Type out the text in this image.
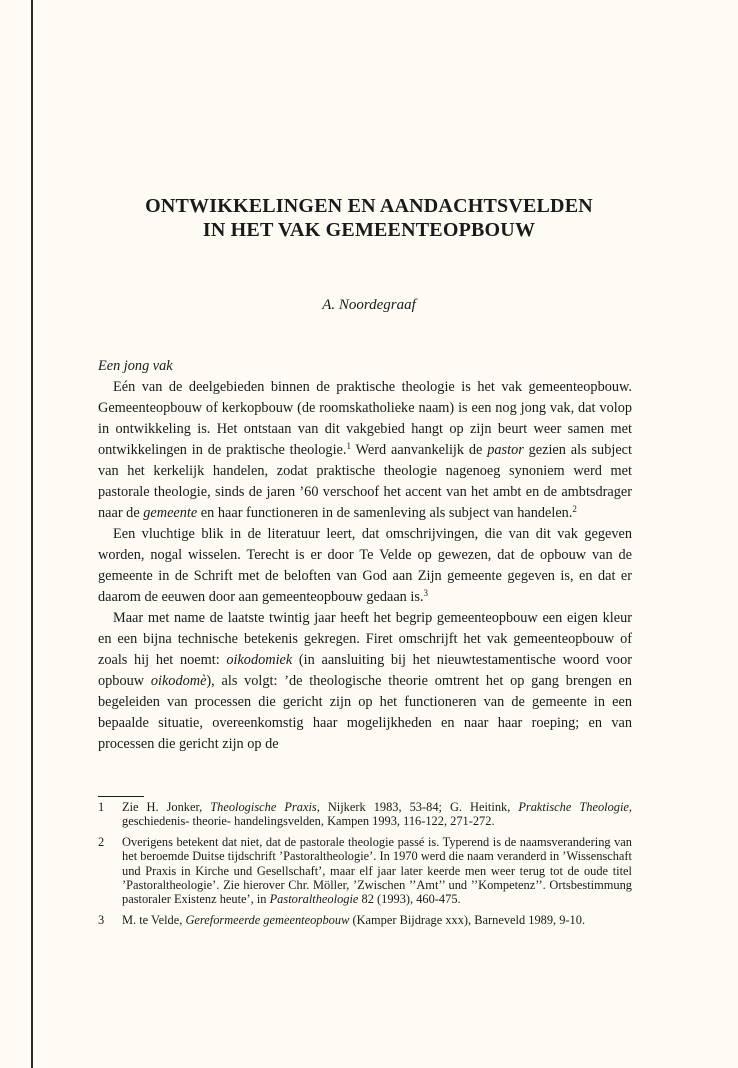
ONTWIKKELINGEN EN AANDACHTSVELDEN
IN HET VAK GEMEENTEOPBOUW
A. Noordegraaf
Een jong vak

Eén van de deelgebieden binnen de praktische theologie is het vak gemeenteopbouw. Gemeenteopbouw of kerkopbouw (de roomskatholieke naam) is een nog jong vak, dat volop in ontwikkeling is. Het ontstaan van dit vakgebied hangt op zijn beurt weer samen met ontwikkelingen in de praktische theologie.$^1$ Werd aanvankelijk de pastor gezien als subject van het kerkelijk handelen, zodat praktische theologie nagenoeg synoniem werd met pastorale theologie, sinds de jaren ’60 verschoof het accent van het ambt en de ambtsdrager naar de gemeente en haar functioneren in de samenleving als subject van handelen.$^2$

Een vluchtige blik in de literatuur leert, dat omschrijvingen, die van dit vak gegeven worden, nogal wisselen. Terecht is er door Te Velde op gewezen, dat de opbouw van de gemeente in de Schrift met de beloften van God aan Zijn gemeente gegeven is, en dat er daarom de eeuwen door aan gemeenteopbouw gedaan is.$^3$

Maar met name de laatste twintig jaar heeft het begrip gemeenteopbouw een eigen kleur en een bijna technische betekenis gekregen. Firet omschrijft het vak gemeenteopbouw of zoals hij het noemt: oikodomiek (in aansluiting bij het nieuwtestamentische woord voor opbouw oikodomè), als volgt: ’de theologische theorie omtrent het op gang brengen en begeleiden van processen die gericht zijn op het functioneren van de gemeente in een bepaalde situatie, overeenkomstig haar mogelijkheden en naar haar roeping; en van processen die gericht zijn op de

1	Zie H. Jonker, Theologische Praxis, Nijkerk 1983, 53-84; G. Heitink, Praktische Theologie, geschiedenis- theorie- handelingsvelden, Kampen 1993, 116-122, 271-272.
2	Overigens betekent dat niet, dat de pastorale theologie passé is. Typerend is de naamsverandering van het beroemde Duitse tijdschrift ’Pastoraltheologie’. In 1970 werd die naam veranderd in ’Wissenschaft und Praxis in Kirche und Gesellschaft’, maar elf jaar later keerde men weer terug tot de oude titel ’Pastoraltheologie’. Zie hierover Chr. Möller, ’Zwischen ’’Amt’’ und ’’Kompetenz’’. Ortsbestimmung pastoraler Existenz heute’, in Pastoraltheologie 82 (1993), 460-475.
3	M. te Velde, Gereformeerde gemeenteopbouw (Kamper Bijdrage xxx), Barneveld 1989, 9-10.
